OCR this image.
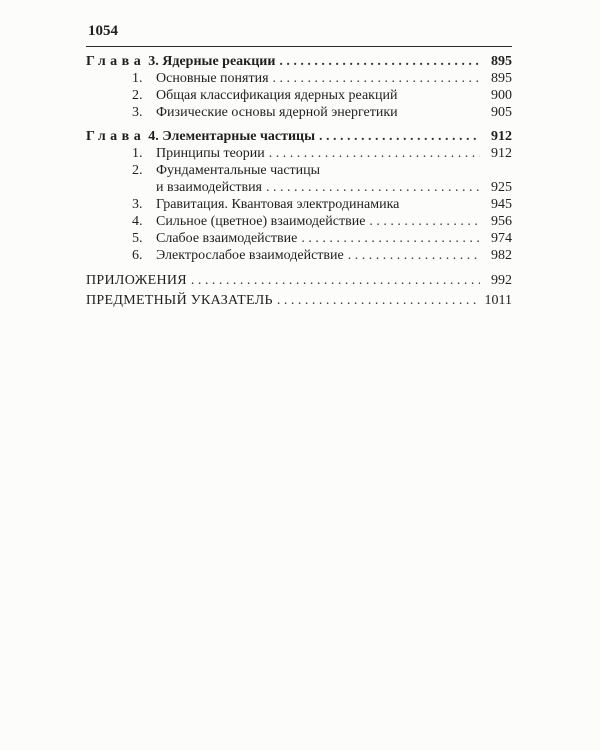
1054
Глава 3. Ядерные реакции . . .	895
1. Основные понятия . . .	895
2. Общая классификация ядерных реакций	900
3. Физические основы ядерной энергетики	905
Глава 4. Элементарные частицы . . .	912
1. Принципы теории . . .	912
2. Фундаментальные частицы
и взаимодействия . . .	925
3. Гравитация. Квантовая электродинамика	945
4. Сильное (цветное) взаимодействие . . .	956
5. Слабое взаимодействие . . .	974
6. Электрослабое взаимодействие . . .	982
ПРИЛОЖЕНИЯ . . .	992
ПРЕДМЕТНЫЙ УКАЗАТЕЛЬ . . .	1011
